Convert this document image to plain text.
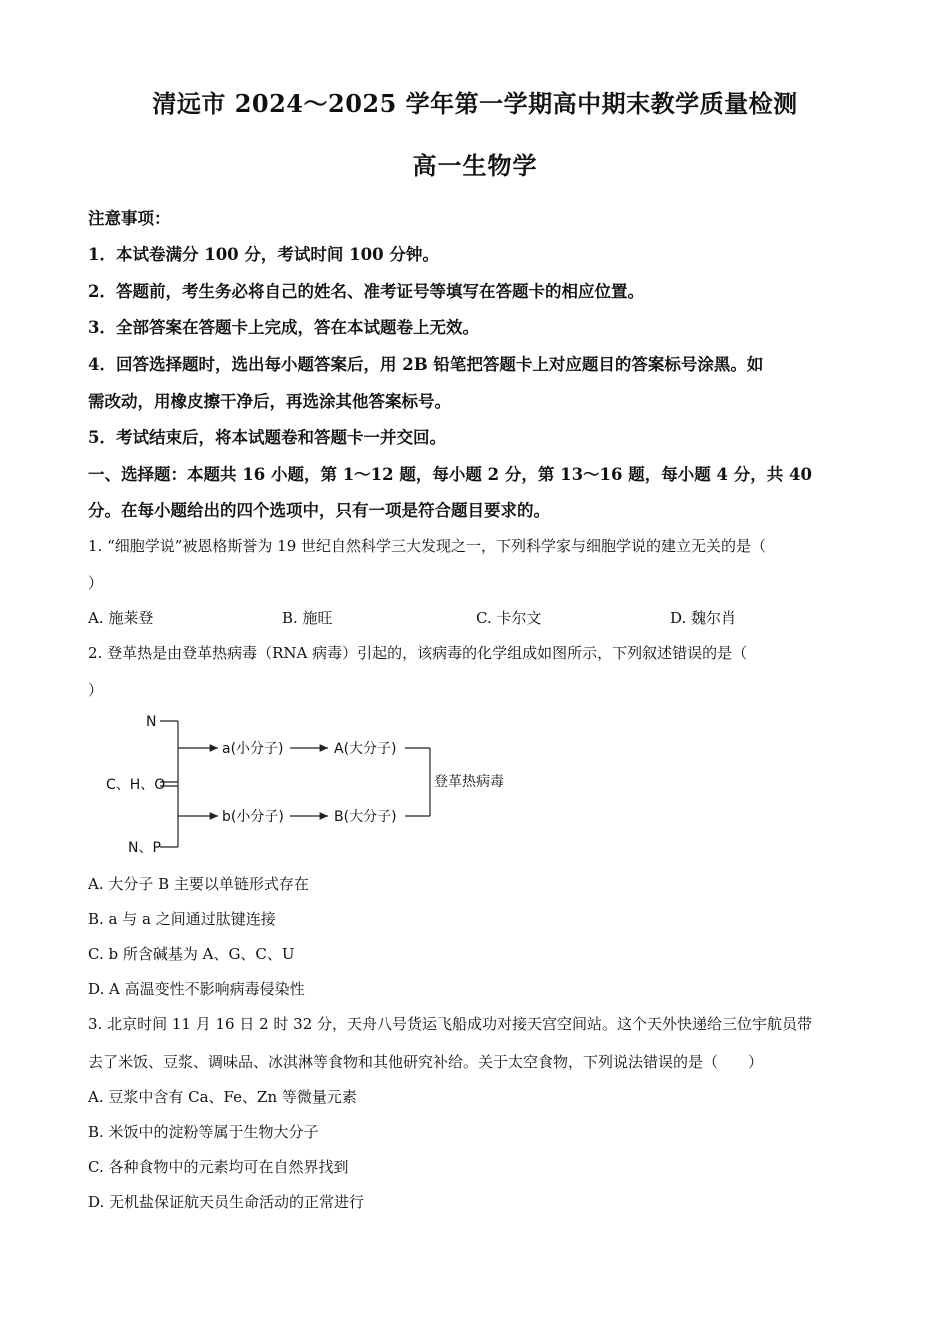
清远市 2024～2025 学年第一学期高中期末教学质量检测
高一生物学
注意事项：
1．本试卷满分 100 分，考试时间 100 分钟。
2．答题前，考生务必将自己的姓名、准考证号等填写在答题卡的相应位置。
3．全部答案在答题卡上完成，答在本试题卷上无效。
4．回答选择题时，选出每小题答案后，用 2B 铅笔把答题卡上对应题目的答案标号涂黑。如
需改动，用橡皮擦干净后，再选涂其他答案标号。
5．考试结束后，将本试题卷和答题卡一并交回。
一、选择题：本题共 16 小题，第 1～12 题，每小题 2 分，第 13～16 题，每小题 4 分，共 40
分。在每小题给出的四个选项中，只有一项是符合题目要求的。
1. “细胞学说”被恩格斯誉为 19 世纪自然科学三大发现之一，下列科学家与细胞学说的建立无关的是（
）
A. 施莱登	B. 施旺	C. 卡尔文	D. 魏尔肖
2. 登革热是由登革热病毒（RNA 病毒）引起的，该病毒的化学组成如图所示，下列叙述错误的是（
）
N
C、H、O
N、P
a(小分子)	A(大分子)
b(小分子)	B(大分子)
登革热病毒
A. 大分子 B 主要以单链形式存在
B. a 与 a 之间通过肽键连接
C. b 所含碱基为 A、G、C、U
D. A 高温变性不影响病毒侵染性
3. 北京时间 11 月 16 日 2 时 32 分，天舟八号货运飞船成功对接天宫空间站。这个天外快递给三位宇航员带
去了米饭、豆浆、调味品、冰淇淋等食物和其他研究补给。关于太空食物，下列说法错误的是（　　）
A. 豆浆中含有 Ca、Fe、Zn 等微量元素
B. 米饭中的淀粉等属于生物大分子
C. 各种食物中的元素均可在自然界找到
D. 无机盐保证航天员生命活动的正常进行
